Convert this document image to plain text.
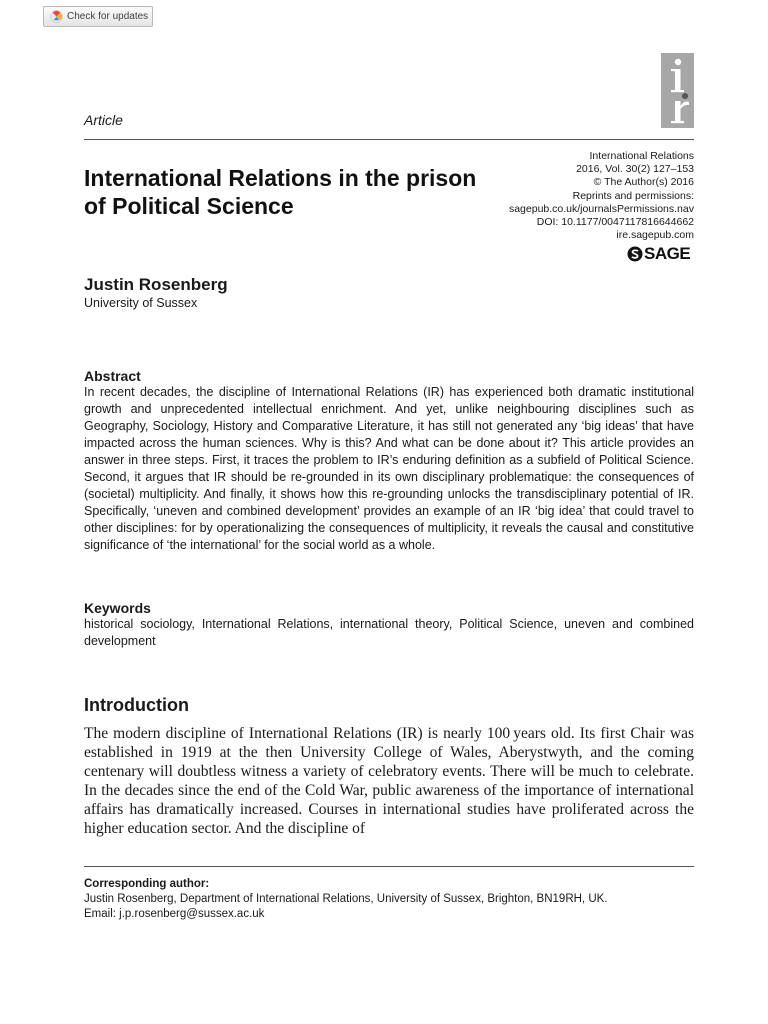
Check for updates
Article
International Relations
2016, Vol. 30(2) 127–153
© The Author(s) 2016
Reprints and permissions:
sagepub.co.uk/journalsPermissions.nav
DOI: 10.1177/0047117816644662
ire.sagepub.com
SAGE
International Relations in the prison of Political Science
Justin Rosenberg
University of Sussex

Abstract

In recent decades, the discipline of International Relations (IR) has experienced both dramatic institutional growth and unprecedented intellectual enrichment. And yet, unlike neighbouring disciplines such as Geography, Sociology, History and Comparative Literature, it has still not generated any ‘big ideas’ that have impacted across the human sciences. Why is this? And what can be done about it? This article provides an answer in three steps. First, it traces the problem to IR’s enduring definition as a subfield of Political Science. Second, it argues that IR should be re-grounded in its own disciplinary problematique: the consequences of (societal) multiplicity. And finally, it shows how this re-grounding unlocks the transdisciplinary potential of IR. Specifically, ‘uneven and combined development’ provides an example of an IR ‘big idea’ that could travel to other disciplines: for by operationalizing the consequences of multiplicity, it reveals the causal and constitutive significance of ‘the international’ for the social world as a whole.

Keywords

historical sociology, International Relations, international theory, Political Science, uneven and combined development

Introduction

The modern discipline of International Relations (IR) is nearly 100 years old. Its first Chair was established in 1919 at the then University College of Wales, Aberystwyth, and the coming centenary will doubtless witness a variety of celebratory events. There will be much to celebrate. In the decades since the end of the Cold War, public awareness of the importance of international affairs has dramatically increased. Courses in international studies have proliferated across the higher education sector. And the discipline of

Corresponding author:
Justin Rosenberg, Department of International Relations, University of Sussex, Brighton, BN19RH, UK.
Email: j.p.rosenberg@sussex.ac.uk
